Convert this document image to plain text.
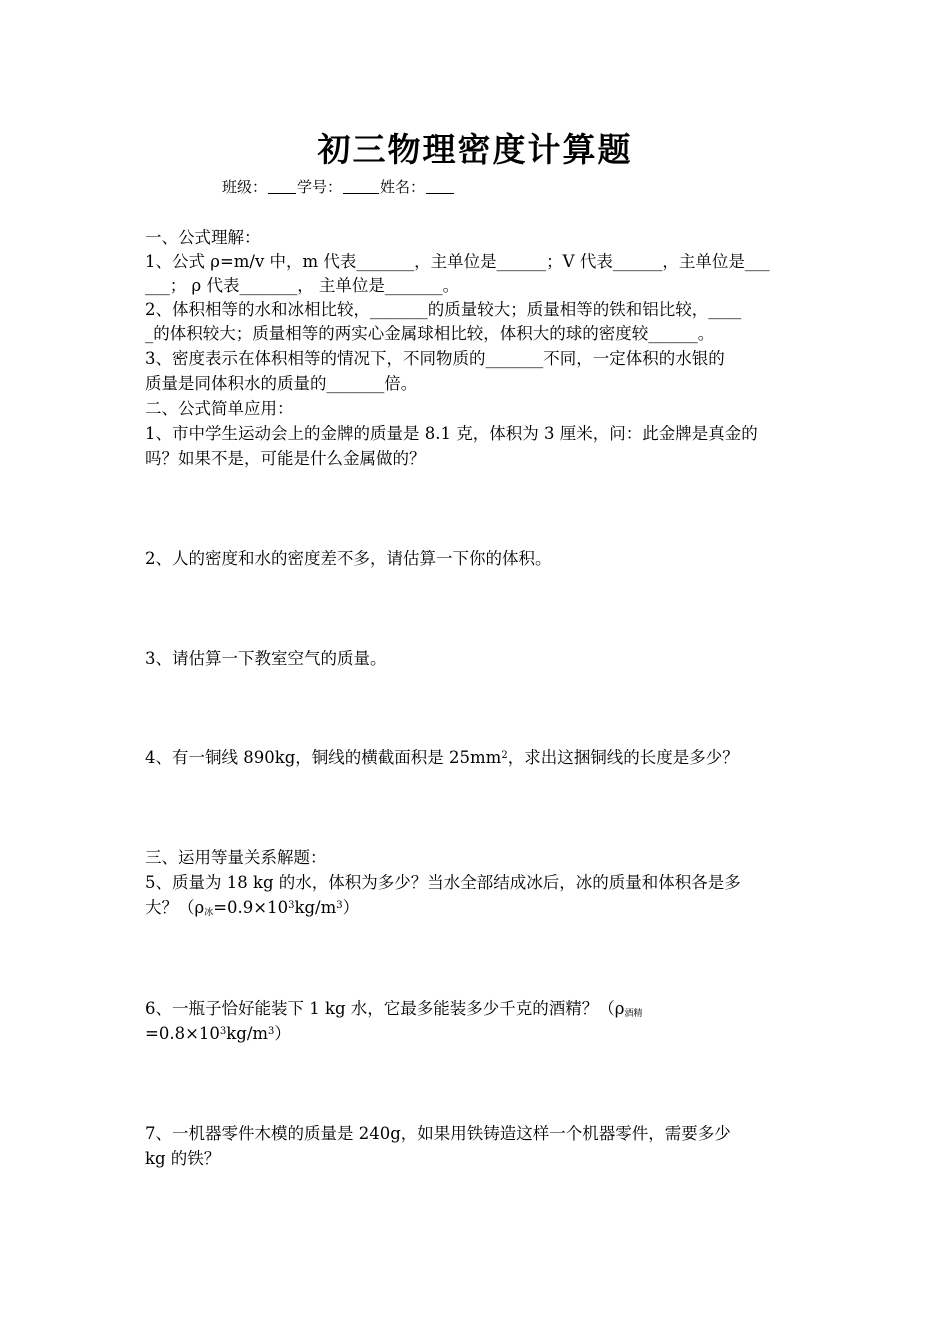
初三物理密度计算题
班级： 学号：	姓名：
一、公式理解：
1、公式 ρ=m/v 中，m 代表_______，主单位是______；V 代表______，主单位是___
___； ρ 代表_______， 主单位是_______。
2、体积相等的水和冰相比较，_______的质量较大；质量相等的铁和铝比较，____
_的体积较大；质量相等的两实心金属球相比较，体积大的球的密度较______。
3、密度表示在体积相等的情况下，不同物质的_______不同，一定体积的水银的
质量是同体积水的质量的_______倍。
二、公式简单应用：
1、市中学生运动会上的金牌的质量是 8.1 克，体积为 3 厘米，问：此金牌是真金的
吗？如果不是，可能是什么金属做的？
2、人的密度和水的密度差不多，请估算一下你的体积。
3、请估算一下教室空气的质量。
4、有一铜线 890kg，铜线的横截面积是 $25mm^2$，求出这捆铜线的长度是多少？
三、运用等量关系解题：
5、质量为 18 kg 的水，体积为多少？当水全部结成冰后，冰的质量和体积各是多
大？$(\rho_冰=0.9\times 10^3kg/m^3)$
6、一瓶子恰好能装下 1 kg 水，它最多能装多少千克的酒精？（$\rho_{酒精}$
$=0.8\times 10^3kg/m^3$）
7、一机器零件木模的质量是 240g，如果用铁铸造这样一个机器零件，需要多少
kg 的铁？
